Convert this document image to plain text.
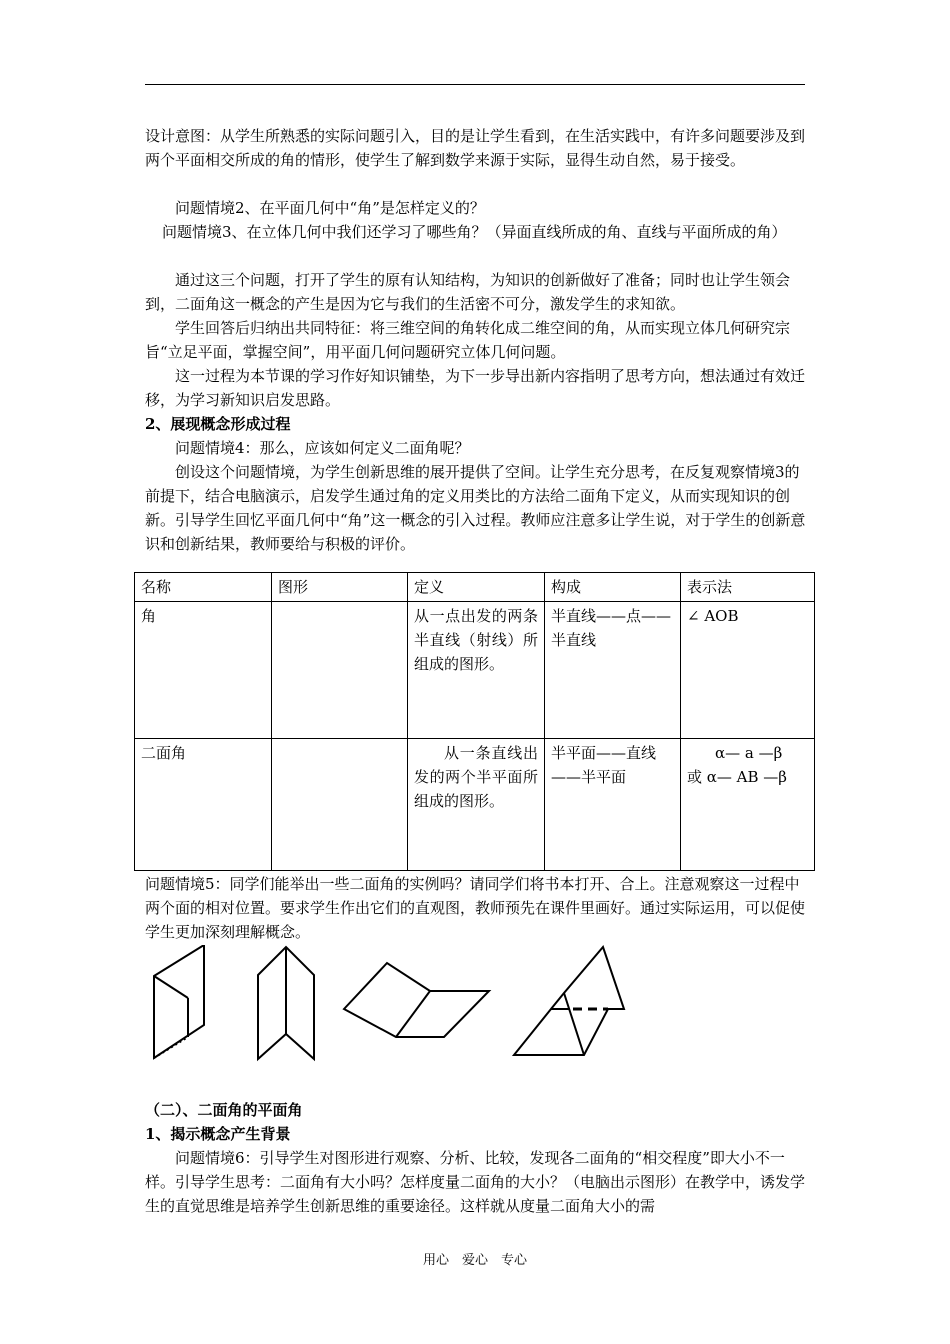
设计意图：从学生所熟悉的实际问题引入，目的是让学生看到，在生活实践中，有许多问题要涉及到两个平面相交所成的角的情形，使学生了解到数学来源于实际，显得生动自然，易于接受。

问题情境2、在平面几何中“角”是怎样定义的？

问题情境3、在立体几何中我们还学习了哪些角？（异面直线所成的角、直线与平面所成的角）

通过这三个问题，打开了学生的原有认知结构，为知识的创新做好了准备；同时也让学生领会到，二面角这一概念的产生是因为它与我们的生活密不可分，激发学生的求知欲。

学生回答后归纳出共同特征：将三维空间的角转化成二维空间的角，从而实现立体几何研究宗旨“立足平面，掌握空间”，用平面几何问题研究立体几何问题。

这一过程为本节课的学习作好知识铺垫，为下一步导出新内容指明了思考方向，想法通过有效迁移，为学习新知识启发思路。

2、展现概念形成过程

问题情境4：那么，应该如何定义二面角呢？

创设这个问题情境，为学生创新思维的展开提供了空间。让学生充分思考，在反复观察情境3的前提下，结合电脑演示，启发学生通过角的定义用类比的方法给二面角下定义，从而实现知识的创新。引导学生回忆平面几何中“角”这一概念的引入过程。教师应注意多让学生说，对于学生的创新意识和创新结果，教师要给与积极的评价。

名称	图形	定义	构成	表示法
角		从一点出发的两条半直线（射线）所组成的图形。	半直线——点——半直线	∠ AOB
二面角		从一条直线出发的两个半平面所组成的图形。	半平面——直线——半平面	α— a —β
或 α— AB —β

问题情境5：同学们能举出一些二面角的实例吗？请同学们将书本打开、合上。注意观察这一过程中两个面的相对位置。要求学生作出它们的直观图，教师预先在课件里画好。通过实际运用，可以促使学生更加深刻理解概念。

（二）、二面角的平面角

1、揭示概念产生背景

问题情境6：引导学生对图形进行观察、分析、比较，发现各二面角的“相交程度”即大小不一样。引导学生思考：二面角有大小吗？怎样度量二面角的大小？（电脑出示图形）在教学中，诱发学生的直觉思维是培养学生创新思维的重要途径。这样就从度量二面角大小的需

用心　爱心　专心
